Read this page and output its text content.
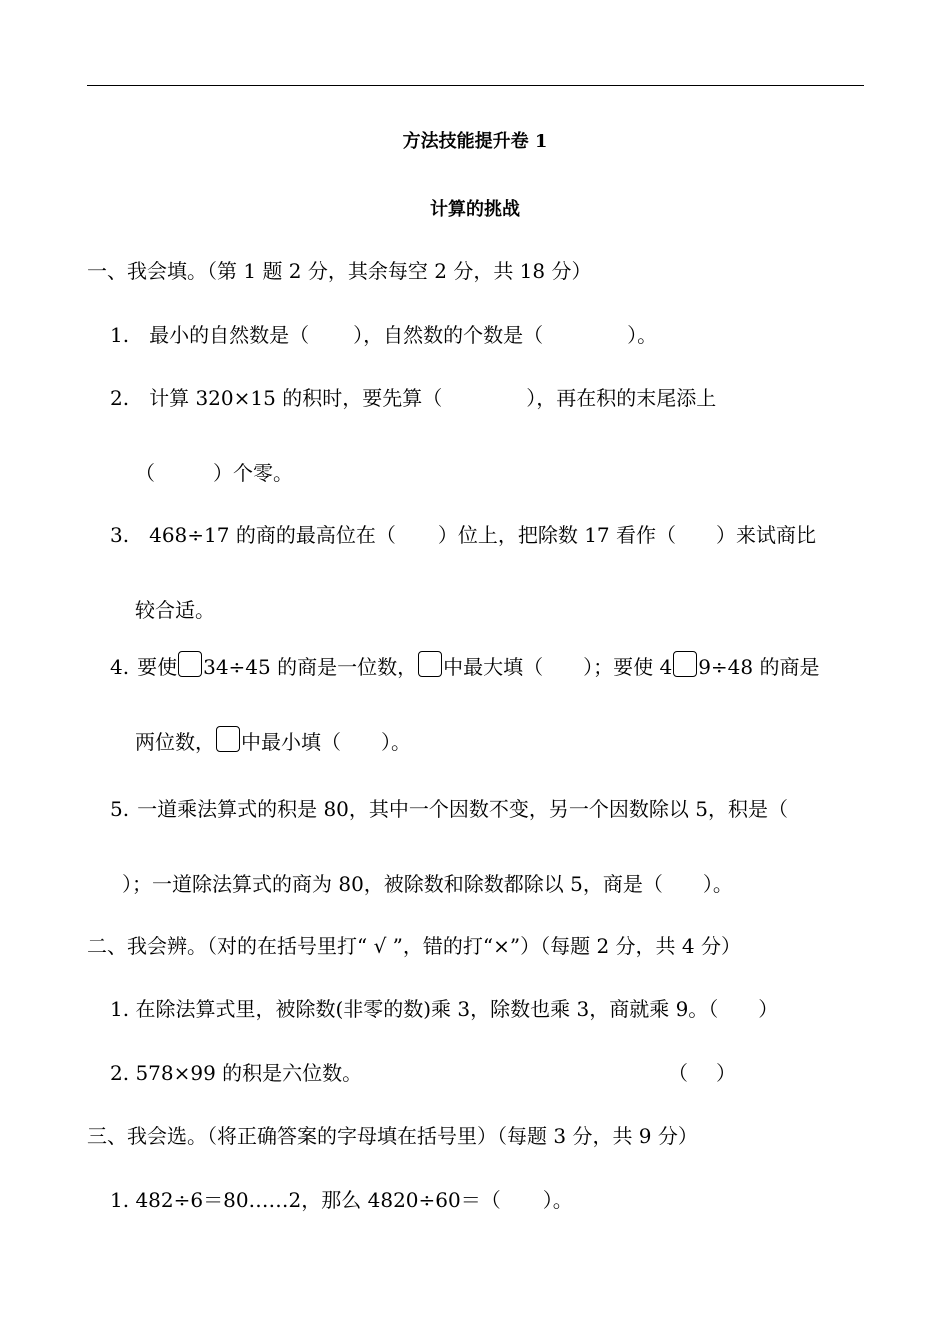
方法技能提升卷 1
计算的挑战
一、我会填。（第 1 题 2 分，其余每空 2 分，共 18 分）
1. 最小的自然数是（ ），自然数的个数是（	）。
2. 计算 320×15 的积时，要先算（	），再在积的末尾添上
（	）个零。
3. 468÷17 的商的最高位在（ ）位上，把除数 17 看作（ ）来试商比
较合适。
4. 要使 34÷45 的商是一位数， 中最大填（ ）；要使 4 9÷48 的商是
两位数， 中最小填（ ）。
5. 一道乘法算式的积是 80，其中一个因数不变，另一个因数除以 5，积是（
）；一道除法算式的商为 80，被除数和除数都除以 5，商是（ ）。
二、我会辨。（对的在括号里打“ √ ”，错的打“×”）（每题 2 分，共 4 分）
1. 在除法算式里，被除数(非零的数)乘 3，除数也乘 3，商就乘 9。（ ）
2. 578×99 的积是六位数。	（ ）
三、我会选。（将正确答案的字母填在括号里）（每题 3 分，共 9 分）
1. 482÷6＝80……2，那么 4820÷60＝（ ）。
